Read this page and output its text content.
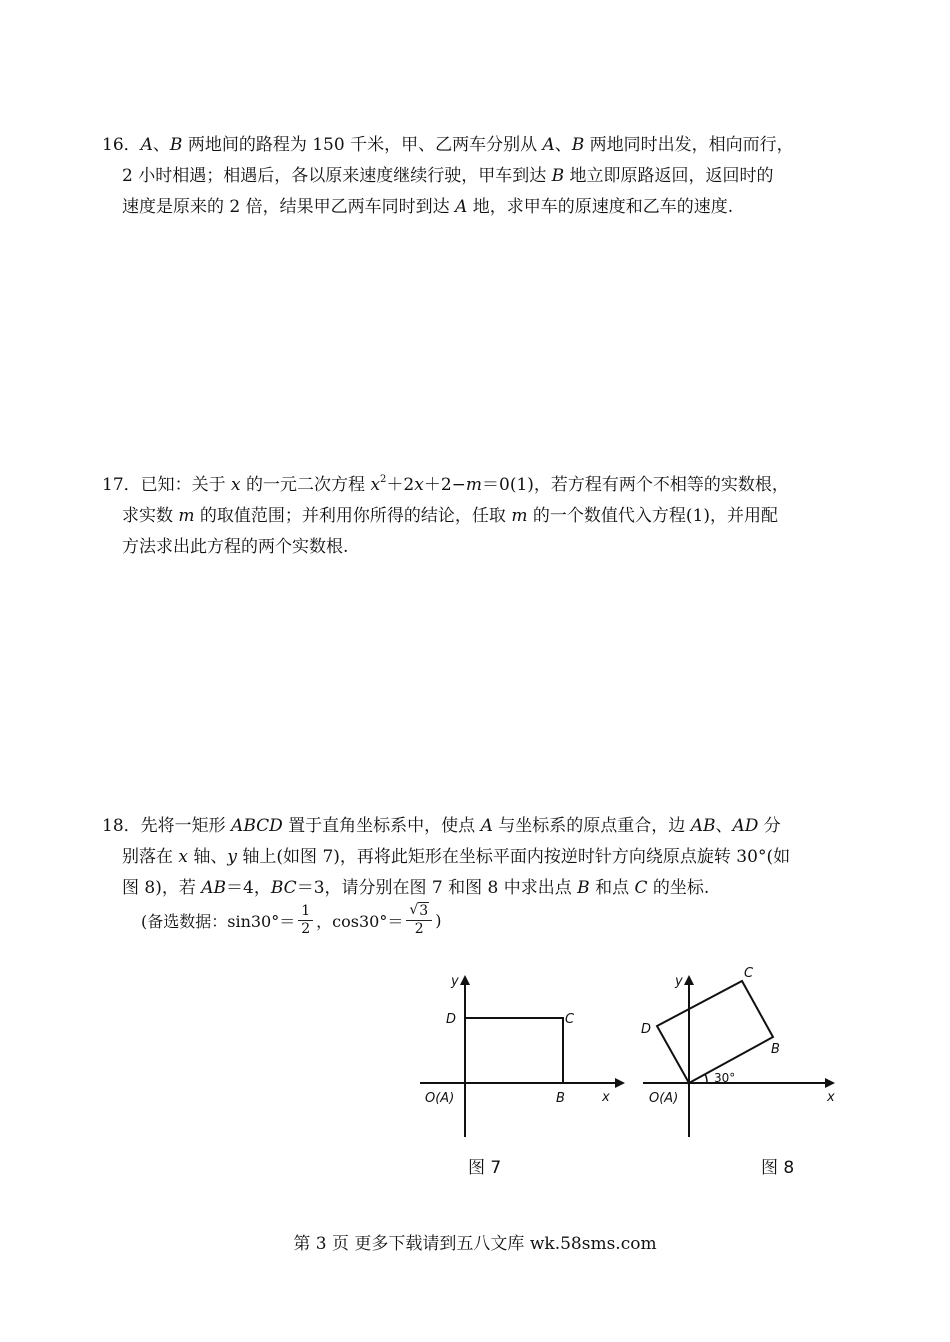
16．A、B 两地间的路程为 150 千米，甲、乙两车分别从 A、B 两地同时出发，相向而行，
2 小时相遇；相遇后，各以原来速度继续行驶，甲车到达 B 地立即原路返回，返回时的
速度是原来的 2 倍，结果甲乙两车同时到达 A 地，求甲车的原速度和乙车的速度.
17．已知：关于 x 的一元二次方程 $x^2+2x+2-m=0(1)$，若方程有两个不相等的实数根，
求实数 m 的取值范围；并利用你所得的结论，任取 m 的一个数值代入方程(1)，并用配
方法求出此方程的两个实数根.
18．先将一矩形 ABCD 置于直角坐标系中，使点 A 与坐标系的原点重合，边 AB、AD 分
别落在 x 轴、y 轴上(如图 7)，再将此矩形在坐标平面内按逆时针方向绕原点旋转 30°(如
图 8)，若 AB＝4，BC＝3，请分别在图 7 和图 8 中求出点 B 和点 C 的坐标.
(备选数据：$\sin 30^\circ= \frac{1}{2}$ ，$\cos 30^\circ= \frac{√ 3}{2}$ )
y
D	C
O(A)	B	x
图 7
y
C
D
B
30°
O(A)	x
图 8
第 3 页 更多下载请到五八文库 wk.58sms.com
